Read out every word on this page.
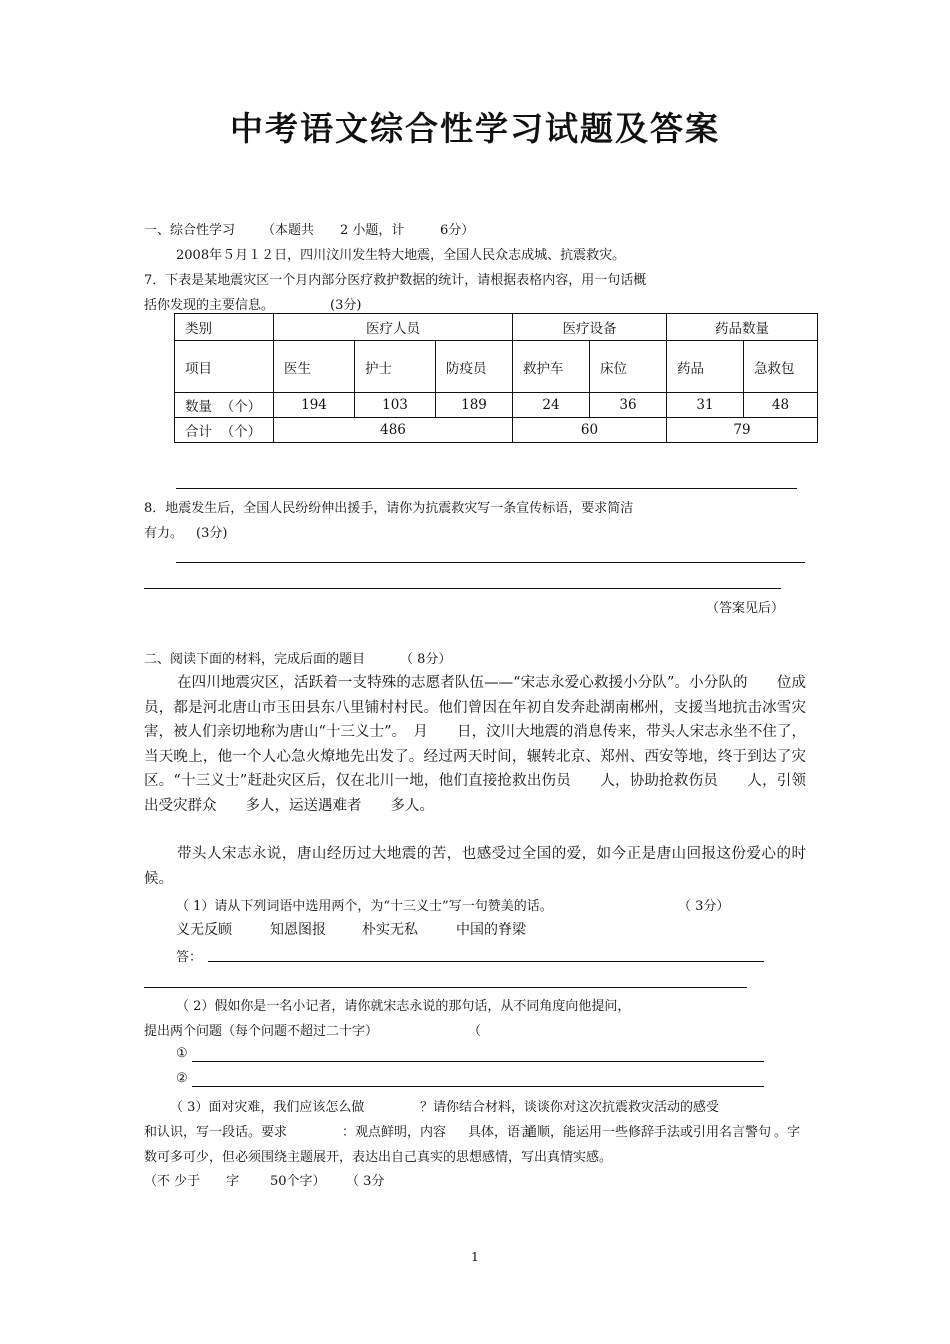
中考语文综合性学习试题及答案
一、综合性学习 （本题共 2 小题，计	6分）
2008年５月１２日，四川汶川发生特大地震，全国人民众志成城、抗震救灾。
7．下表是某地震灾区一个月内部分医疗救护数据的统计，请根据表格内容，用一句话概
括你发现的主要信息。	(3分)
类别	医疗人员			医疗设备		药品数量	
项目	医生	护士	防疫员	救护车	床位	药品	急救包
数量 （个）	194	103	189	24	36	31	48
合计 （个）	486			60		79	
8．地震发生后，全国人民纷纷伸出援手，请你为抗震救灾写一条宣传标语，要求简洁
有力。 (3分)
（答案见后）
二、阅读下面的材料，完成后面的题目	（ 8分）
在四川地震灾区，活跃着一支特殊的志愿者队伍——“宋志永爱心救援小分队”。小分队的　　位成员，都是河北唐山市玉田县东八里铺村村民。他们曾因在年初自发奔赴湖南郴州，支援当地抗击冰雪灾害，被人们亲切地称为唐山“十三义士”。　月　　日，汶川大地震的消息传来，带头人宋志永坐不住了，当天晚上，他一个人心急火燎地先出发了。经过两天时间，辗转北京、郑州、西安等地，终于到达了灾区。“十三义士”赶赴灾区后，仅在北川一地，他们直接抢救出伤员　　人，协助抢救伤员　　人，引领出受灾群众　　多人，运送遇难者　　多人。
带头人宋志永说，唐山经历过大地震的苦，也感受过全国的爱，如今正是唐山回报这份爱心的时候。
（ 1）请从下列词语中选用两个，为“十三义士”写一句赞美的话。	（ 3分）
义无反顾	知恩图报	朴实无私	中国的脊梁
答：
（ 2）假如你是一名小记者，请你就宋志永说的那句话，从不同角度向他提问，
提出两个问题（每个问题不超过二十字）	（
①
②
（ 3）面对灾难，我们应该怎么做	？请你结合材料，谈谈你对这次抗震救灾活动的感受
和认识，写一段话。要求	：观点鲜明，内容 具体，语言
通顺，能运用一些修辞手法或引用名言警句 。字
数可多可少，但必须围绕主题展开，表达出自己真实的思想感情，写出真情实感。
（不 少于　　字 50个字） （ 3分
1
